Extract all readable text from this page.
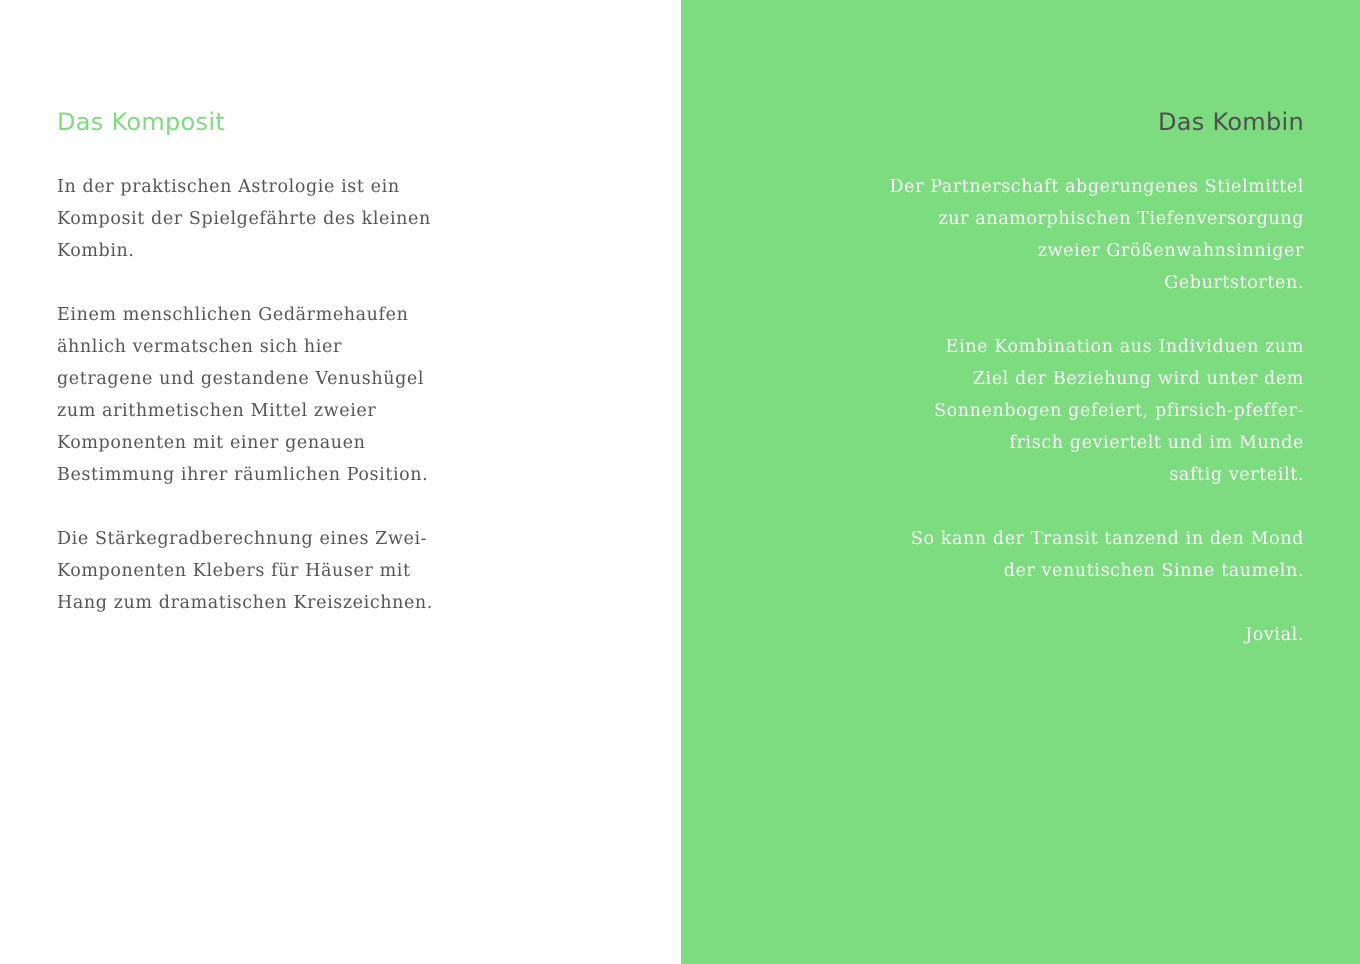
Das Komposit

In der praktischen Astrologie ist ein
Komposit der Spielgefährte des kleinen
Kombin.

Einem menschlichen Gedärmehaufen
ähnlich vermatschen sich hier
getragene und gestandene Venushügel
zum arithmetischen Mittel zweier
Komponenten mit einer genauen
Bestimmung ihrer räumlichen Position.

Die Stärkegradberechnung eines Zwei-
Komponenten Klebers für Häuser mit
Hang zum dramatischen Kreiszeichnen.

Das Kombin

Der Partnerschaft abgerungenes Stielmittel
zur anamorphischen Tiefenversorgung
zweier Größenwahnsinniger
Geburtstorten.

Eine Kombination aus Individuen zum
Ziel der Beziehung wird unter dem
Sonnenbogen gefeiert, pfirsich-pfeffer-
frisch geviertelt und im Munde
saftig verteilt.

So kann der Transit tanzend in den Mond
der venutischen Sinne taumeln.

Jovial.
